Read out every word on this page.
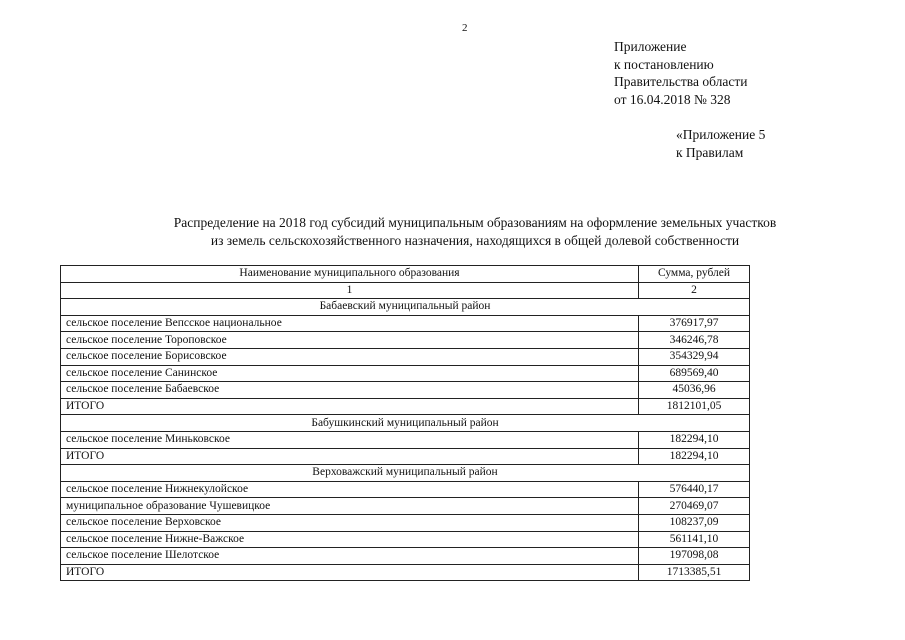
2
Приложение
к постановлению
Правительства области
от 16.04.2018 № 328
«Приложение 5
к Правилам
Распределение на 2018 год субсидий муниципальным образованиям на оформление земельных участков
из земель сельскохозяйственного назначения, находящихся в общей долевой собственности
Наименование муниципального образования	Сумма, рублей
1	2
Бабаевский муниципальный район	
сельское поселение Вепсское национальное	376917,97
сельское поселение Тороповское	346246,78
сельское поселение Борисовское	354329,94
сельское поселение Санинское	689569,40
сельское поселение Бабаевское	45036,96
ИТОГО	1812101,05
Бабушкинский муниципальный район	
сельское поселение Миньковское	182294,10
ИТОГО	182294,10
Верховажский муниципальный район	
сельское поселение Нижнекулойское	576440,17
муниципальное образование Чушевицкое	270469,07
сельское поселение Верховское	108237,09
сельское поселение Нижне-Важское	561141,10
сельское поселение Шелотское	197098,08
ИТОГО	1713385,51
